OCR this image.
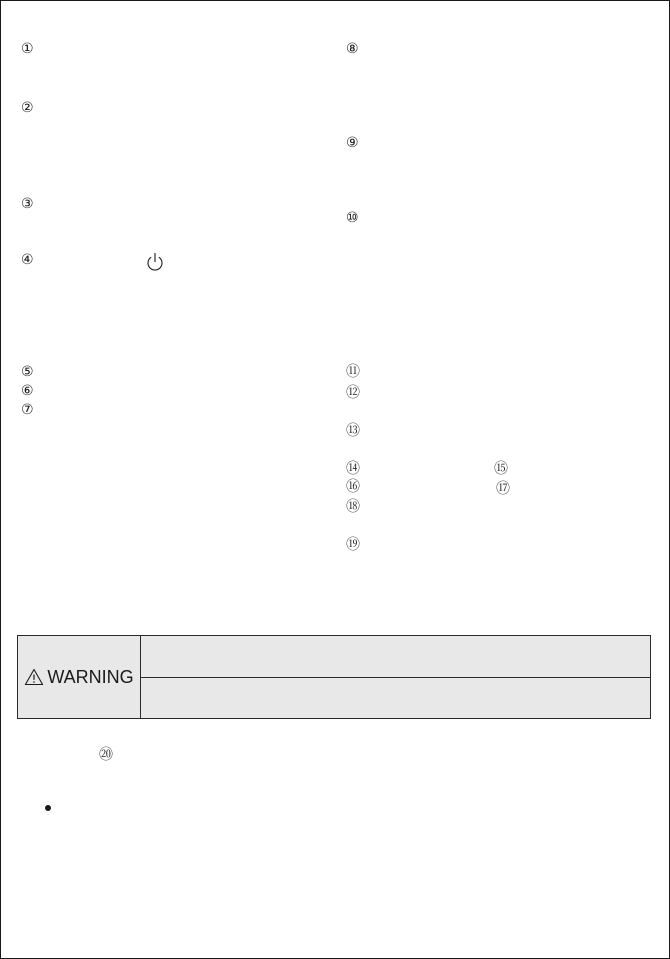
①
②
③
④
⑤
⑥
⑦
⑧
⑨
⑩
⑪
⑫
⑬
⑭	⑮
⑯	⑰
⑱
⑲
WARNING
⑳
